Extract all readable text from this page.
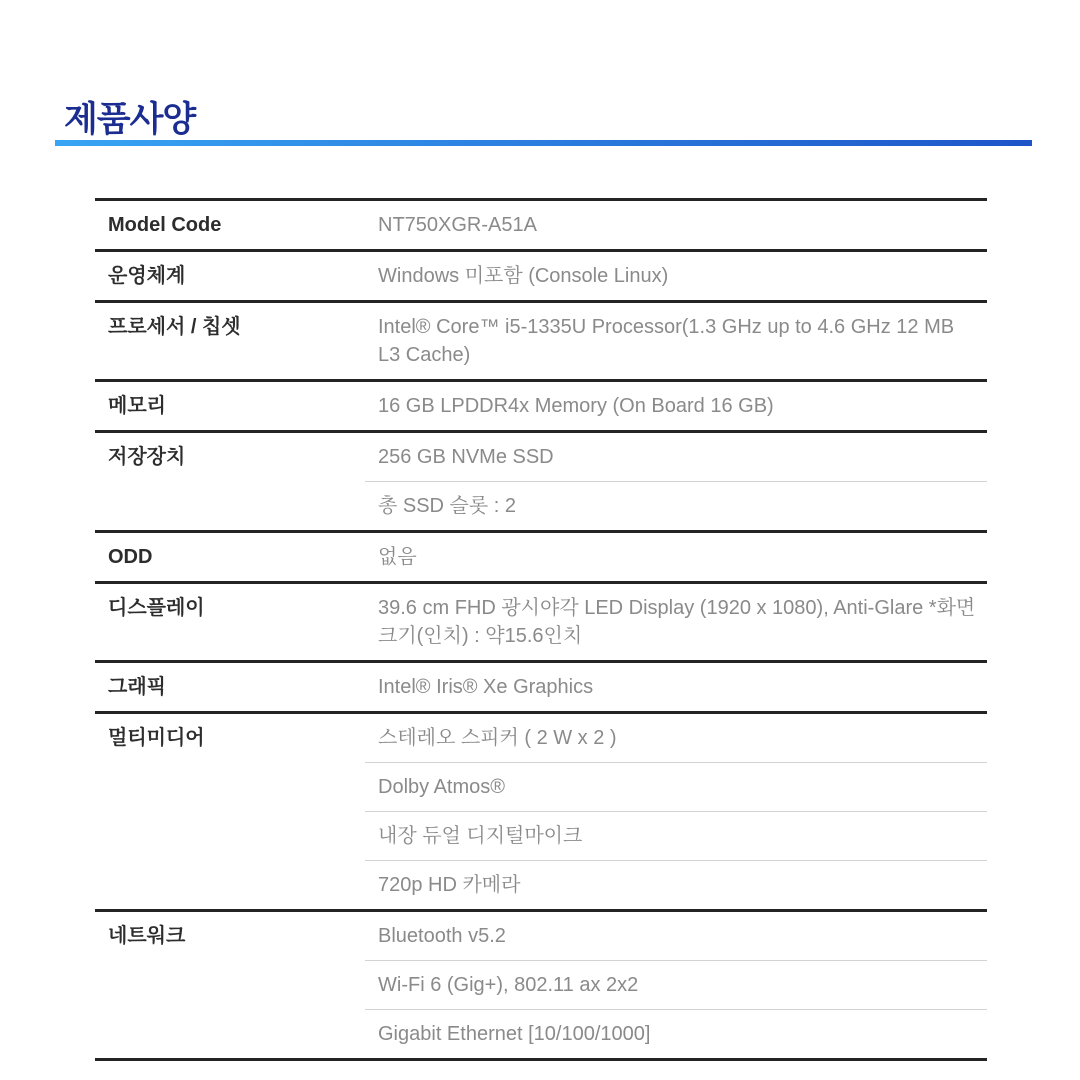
제품사양
Model Code	NT750XGR-A51A
운영체계	Windows 미포함 (Console Linux)
프로세서 / 칩셋	Intel® Core™ i5-1335U Processor(1.3 GHz up to 4.6 GHz 12 MB L3 Cache)
메모리	16 GB LPDDR4x Memory (On Board 16 GB)
저장장치	256 GB NVMe SSD
총 SSD 슬롯 : 2
ODD	없음
디스플레이	39.6 cm FHD 광시야각 LED Display (1920 x 1080), Anti-Glare *화면크기(인치) : 약15.6인치
그래픽	Intel® Iris® Xe Graphics
멀티미디어	스테레오 스피커 ( 2 W x 2 )
Dolby Atmos®
내장 듀얼 디지털마이크
720p HD 카메라
네트워크	Bluetooth v5.2
Wi-Fi 6 (Gig+), 802.11 ax 2x2
Gigabit Ethernet [10/100/1000]
